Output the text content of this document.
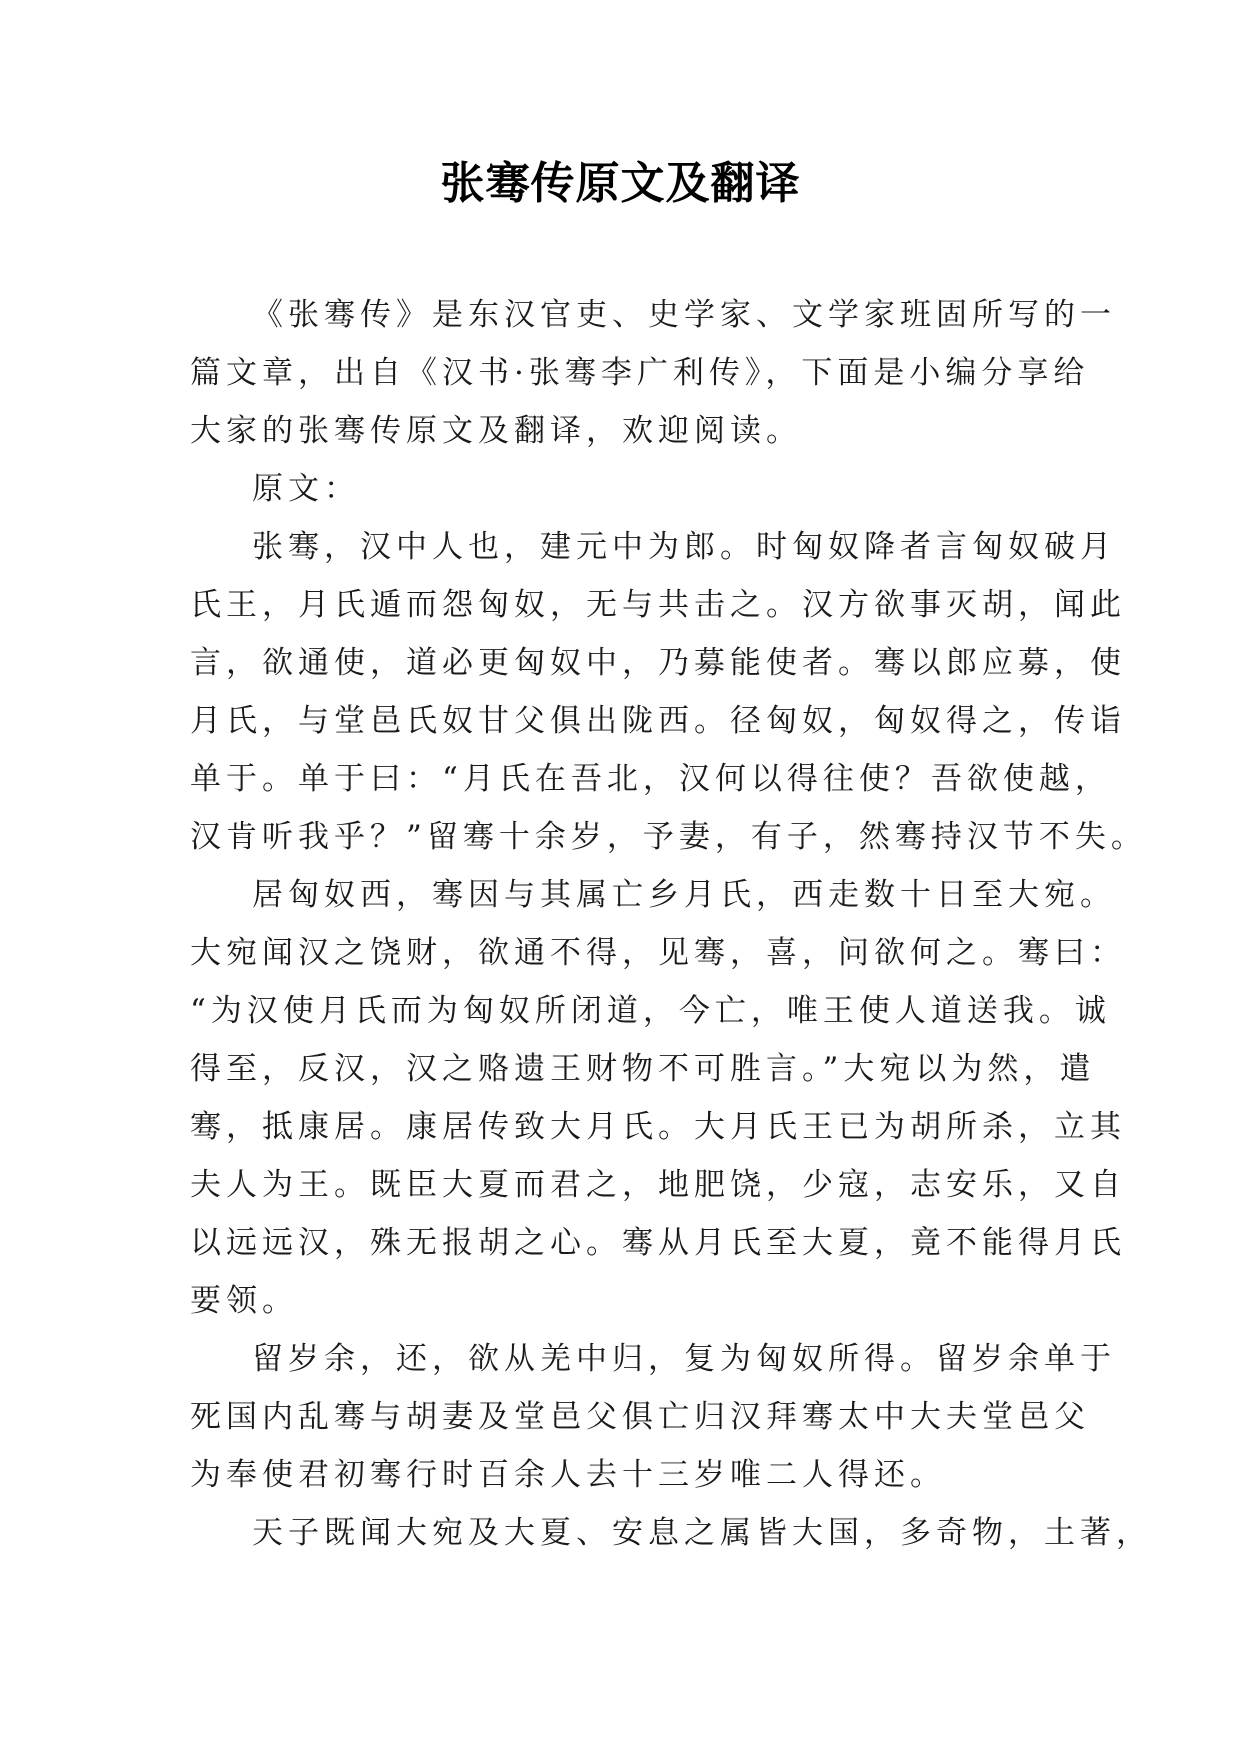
张骞传原文及翻译

《张骞传》是东汉官吏、史学家、文学家班固所写的一
篇文章，出自《汉书·张骞李广利传》，下面是小编分享给
大家的张骞传原文及翻译，欢迎阅读。

原文：

张骞，汉中人也，建元中为郎。时匈奴降者言匈奴破月
氏王，月氏遁而怨匈奴，无与共击之。汉方欲事灭胡，闻此
言，欲通使，道必更匈奴中，乃募能使者。骞以郎应募，使
月氏，与堂邑氏奴甘父俱出陇西。径匈奴，匈奴得之，传诣
单于。单于曰：“月氏在吾北，汉何以得往使？吾欲使越，
汉肯听我乎？”留骞十余岁，予妻，有子，然骞持汉节不失。

居匈奴西，骞因与其属亡乡月氏，西走数十日至大宛。
大宛闻汉之饶财，欲通不得，见骞，喜，问欲何之。骞曰：
“为汉使月氏而为匈奴所闭道，今亡，唯王使人道送我。诚
得至，反汉，汉之赂遗王财物不可胜言。”大宛以为然，遣
骞，抵康居。康居传致大月氏。大月氏王已为胡所杀，立其
夫人为王。既臣大夏而君之，地肥饶，少寇，志安乐，又自
以远远汉，殊无报胡之心。骞从月氏至大夏，竟不能得月氏
要领。

留岁余，还，欲从羌中归，复为匈奴所得。留岁余单于
死国内乱骞与胡妻及堂邑父俱亡归汉拜骞太中大夫堂邑父
为奉使君初骞行时百余人去十三岁唯二人得还。

天子既闻大宛及大夏、安息之属皆大国，多奇物，土著，
